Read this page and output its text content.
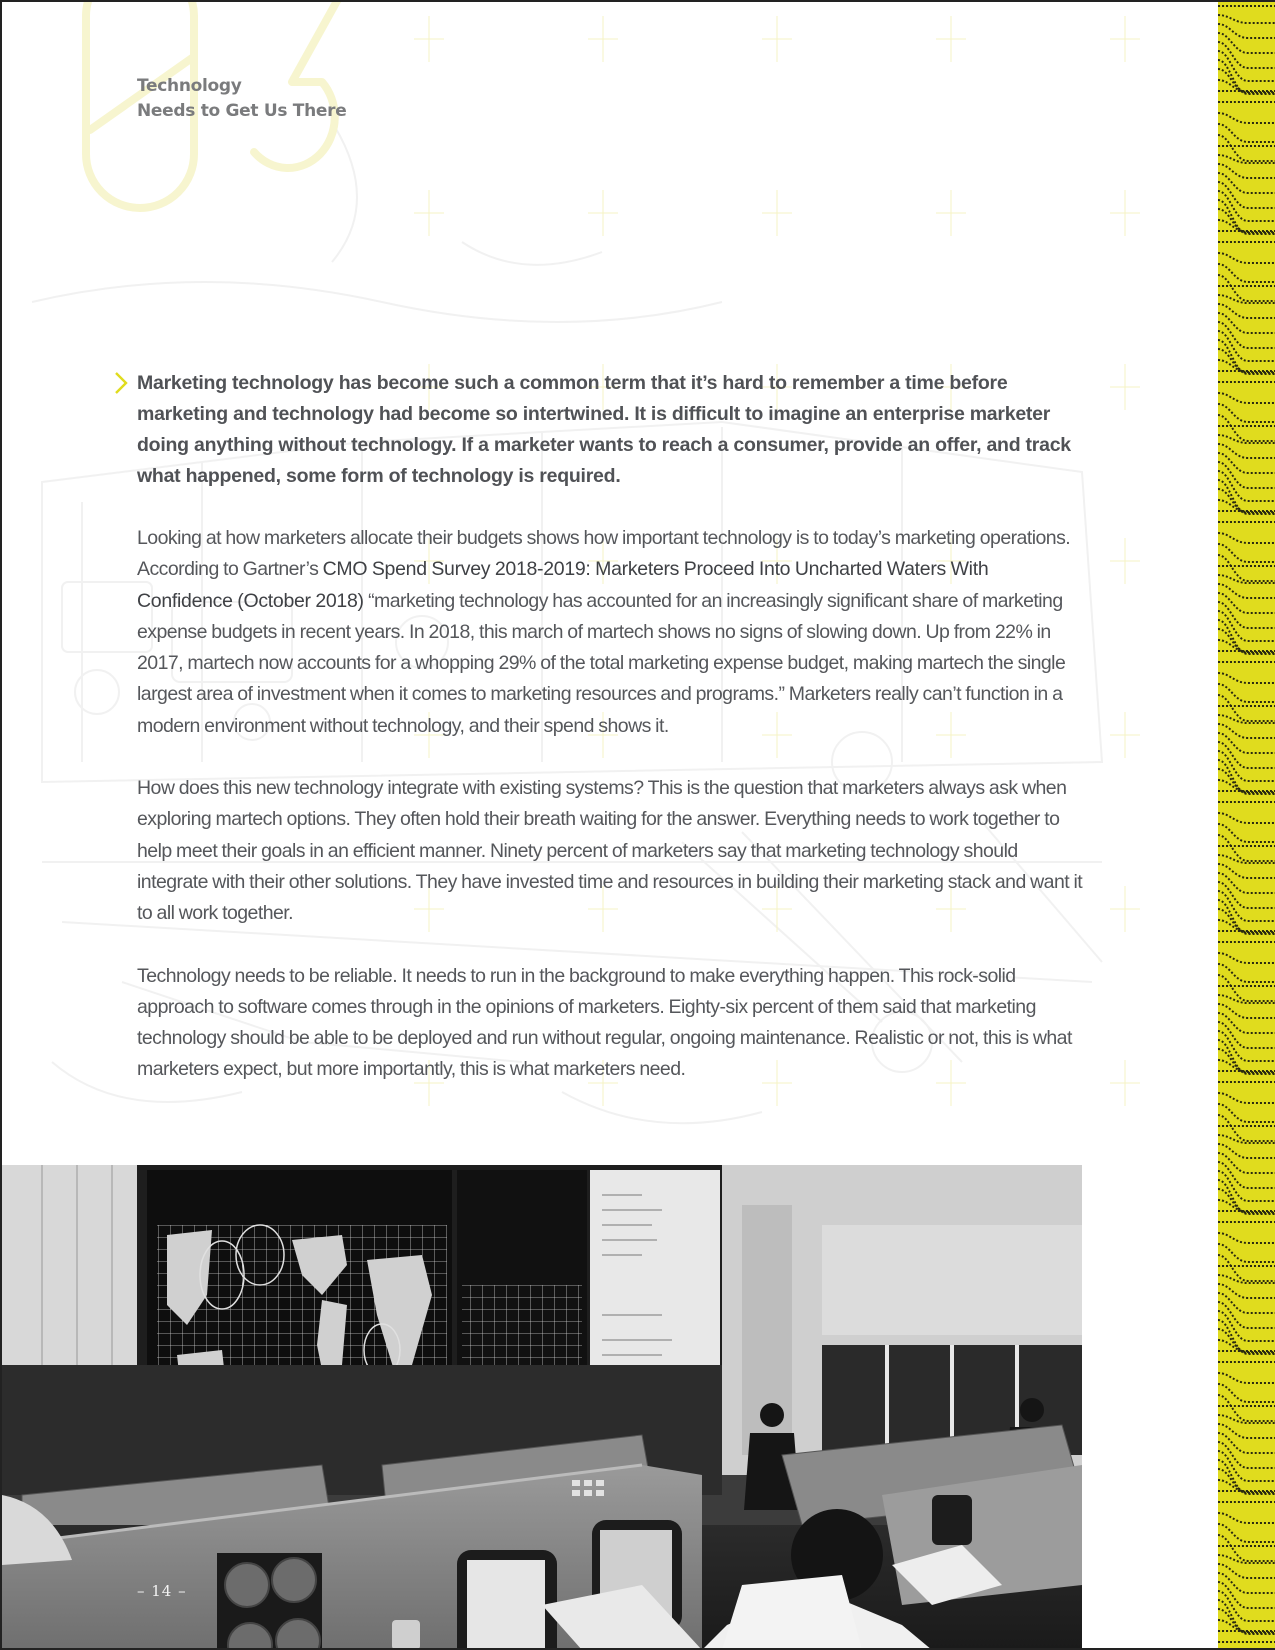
Technology
Needs to Get Us There

Marketing technology has become such a common term that it’s hard to remember a time before marketing and technology had become so intertwined. It is difficult to imagine an enterprise marketer doing anything without technology. If a marketer wants to reach a consumer, provide an offer, and track what happened, some form of technology is required.

Looking at how marketers allocate their budgets shows how important technology is to today’s marketing operations. According to Gartner’s CMO Spend Survey 2018-2019: Marketers Proceed Into Uncharted Waters With Confidence (October 2018) “marketing technology has accounted for an increasingly significant share of marketing expense budgets in recent years. In 2018, this march of martech shows no signs of slowing down. Up from 22% in 2017, martech now accounts for a whopping 29% of the total marketing expense budget, making martech the single largest area of investment when it comes to marketing resources and programs.” Marketers really can’t function in a modern environment without technology, and their spend shows it.

How does this new technology integrate with existing systems? This is the question that marketers always ask when exploring martech options. They often hold their breath waiting for the answer. Everything needs to work together to help meet their goals in an efficient manner. Ninety percent of marketers say that marketing technology should integrate with their other solutions. They have invested time and resources in building their marketing stack and want it to all work together.

Technology needs to be reliable. It needs to run in the background to make everything happen. This rock-solid approach to software comes through in the opinions of marketers. Eighty-six percent of them said that marketing technology should be able to be deployed and run without regular, ongoing maintenance. Realistic or not, this is what marketers expect, but more importantly, this is what marketers need.

– 14 –
